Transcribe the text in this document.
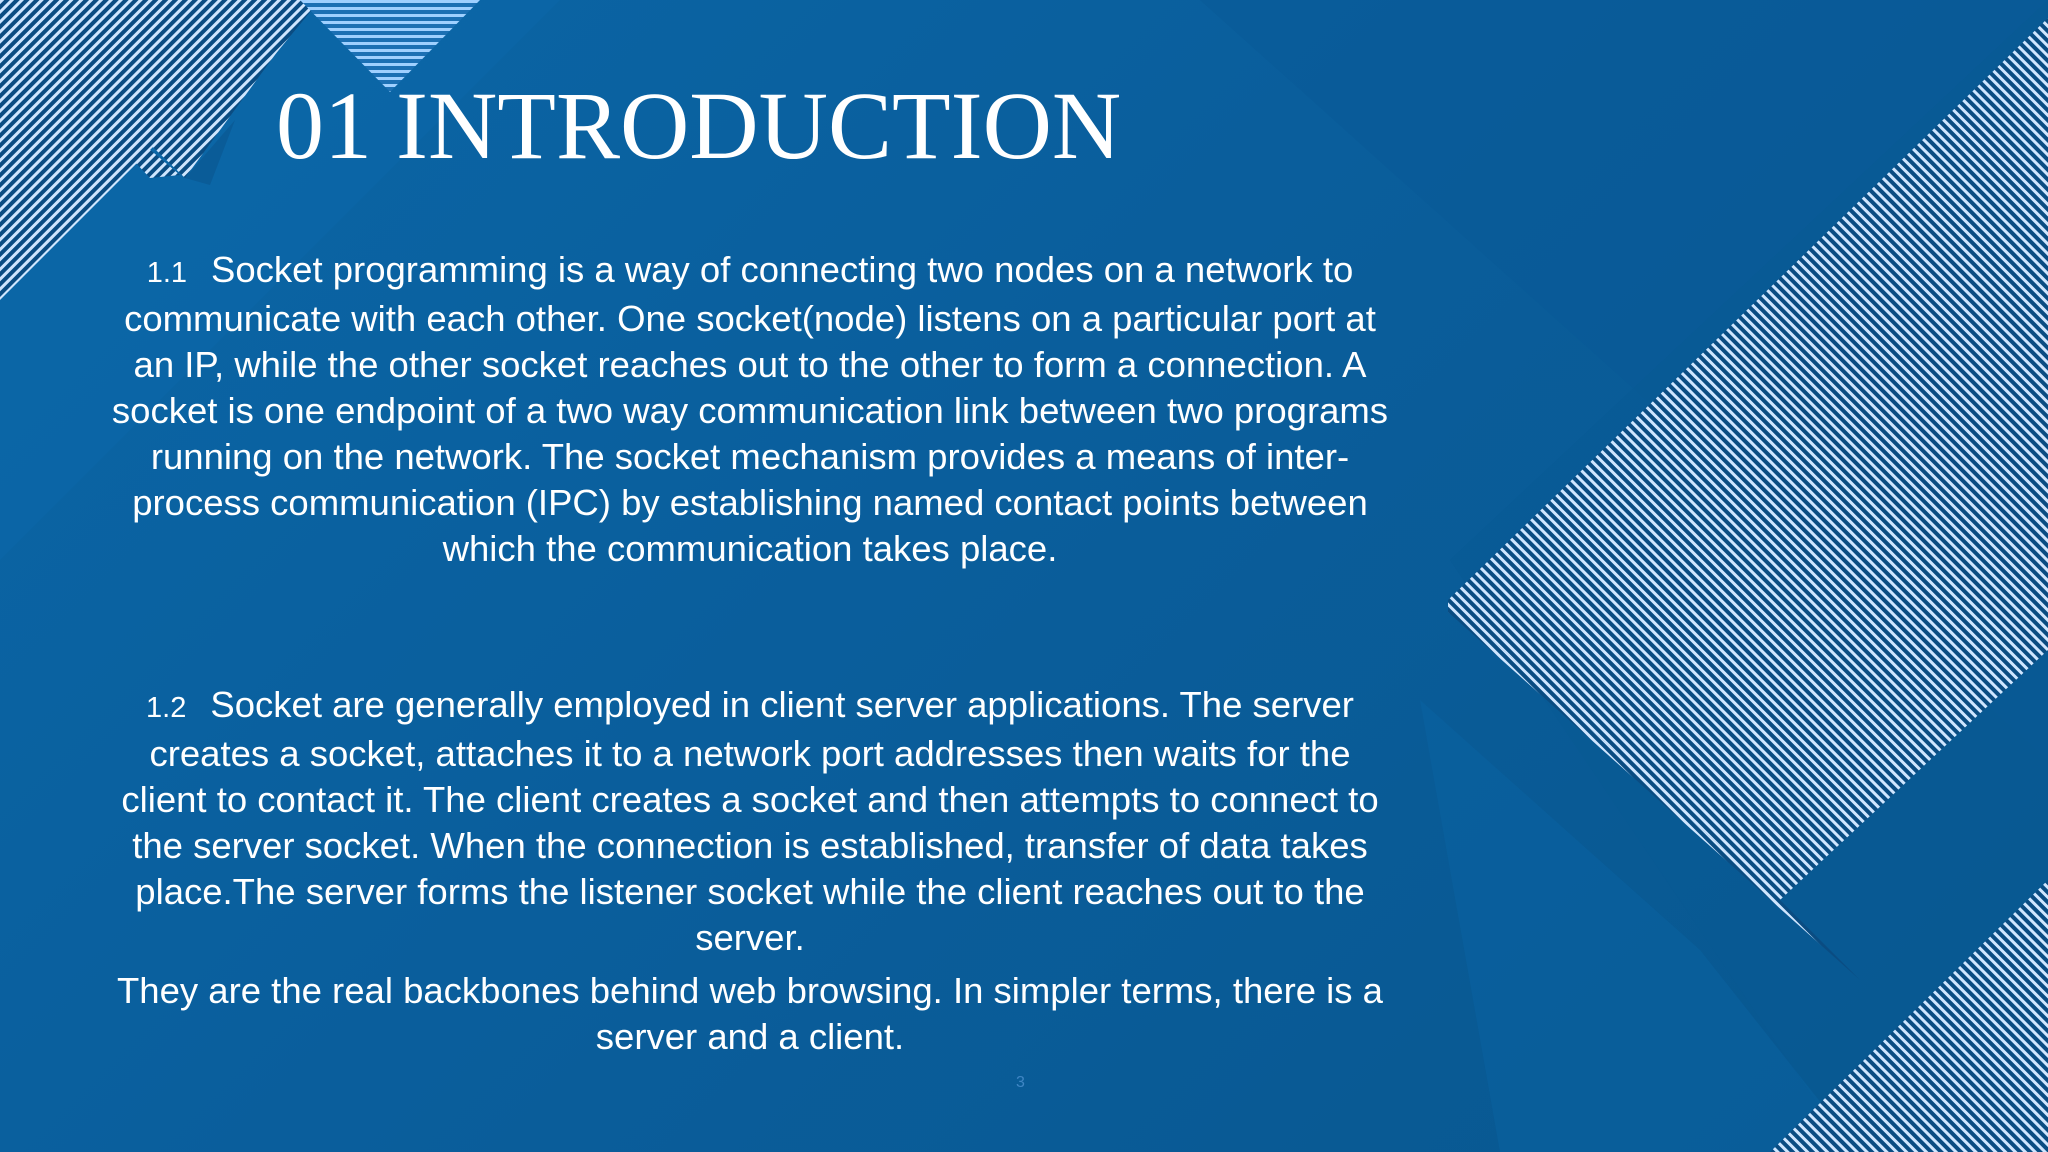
01 INTRODUCTION

1.1 Socket programming is a way of connecting two nodes on a network to communicate with each other. One socket(node) listens on a particular port at an IP, while the other socket reaches out to the other to form a connection. A socket is one endpoint of a two way communication link between two programs running on the network. The socket mechanism provides a means of inter-process communication (IPC) by establishing named contact points between which the communication takes place.

1.2 Socket are generally employed in client server applications. The server creates a socket, attaches it to a network port addresses then waits for the client to contact it. The client creates a socket and then attempts to connect to the server socket. When the connection is established, transfer of data takes place.The server forms the listener socket while the client reaches out to the server.

They are the real backbones behind web browsing. In simpler terms, there is a server and a client.

3
